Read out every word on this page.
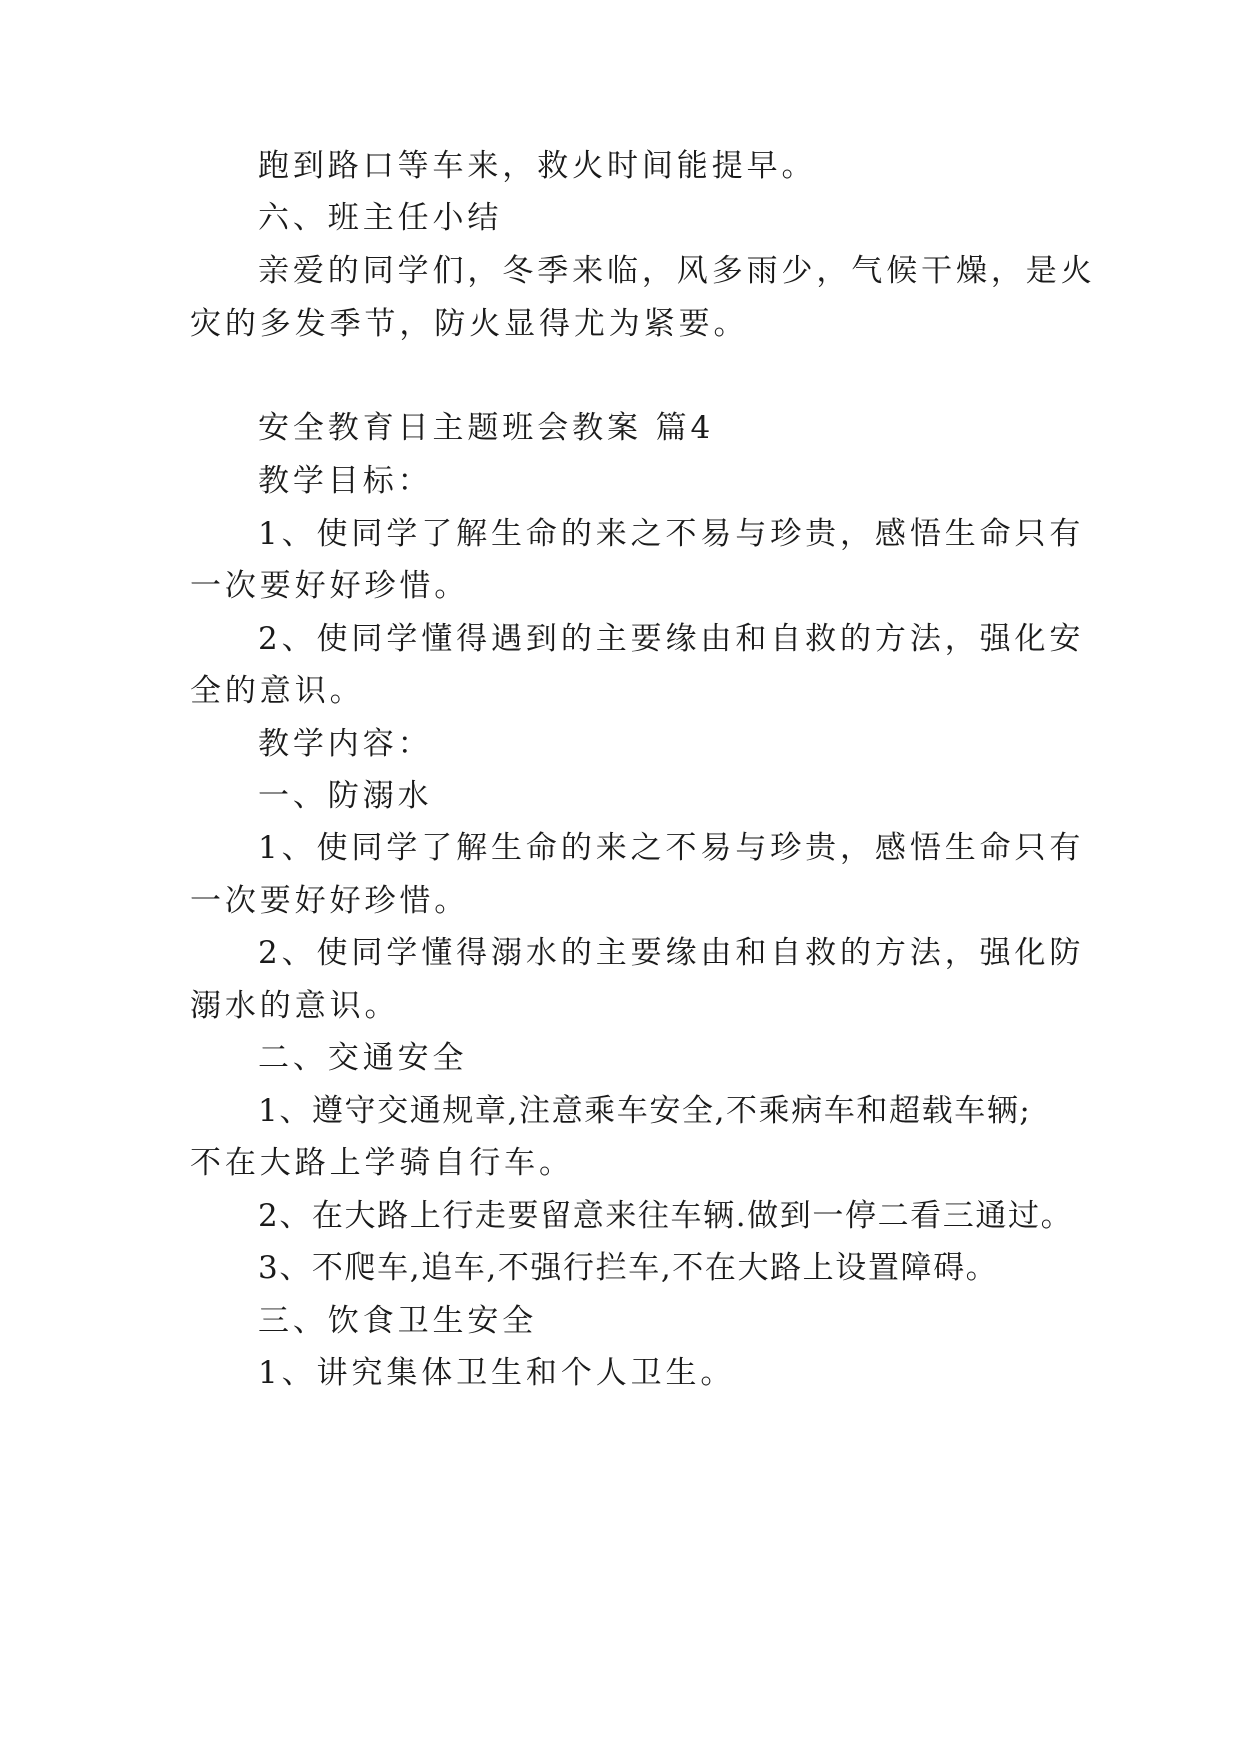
跑到路口等车来，救火时间能提早。

六、班主任小结

亲爱的同学们，冬季来临，风多雨少，气候干燥，是火

灾的多发季节，防火显得尤为紧要。

安全教育日主题班会教案 篇4

教学目标：

1、使同学了解生命的来之不易与珍贵，感悟生命只有

一次要好好珍惜。

2、使同学懂得遇到的主要缘由和自救的方法，强化安

全的意识。

教学内容：

一、防溺水

1、使同学了解生命的来之不易与珍贵，感悟生命只有

一次要好好珍惜。

2、使同学懂得溺水的主要缘由和自救的方法，强化防

溺水的意识。

二、交通安全

1、遵守交通规章,注意乘车安全,不乘病车和超载车辆;

不在大路上学骑自行车。

2、在大路上行走要留意来往车辆.做到一停二看三通过。

3、不爬车,追车,不强行拦车,不在大路上设置障碍。

三、饮食卫生安全

1、讲究集体卫生和个人卫生。
